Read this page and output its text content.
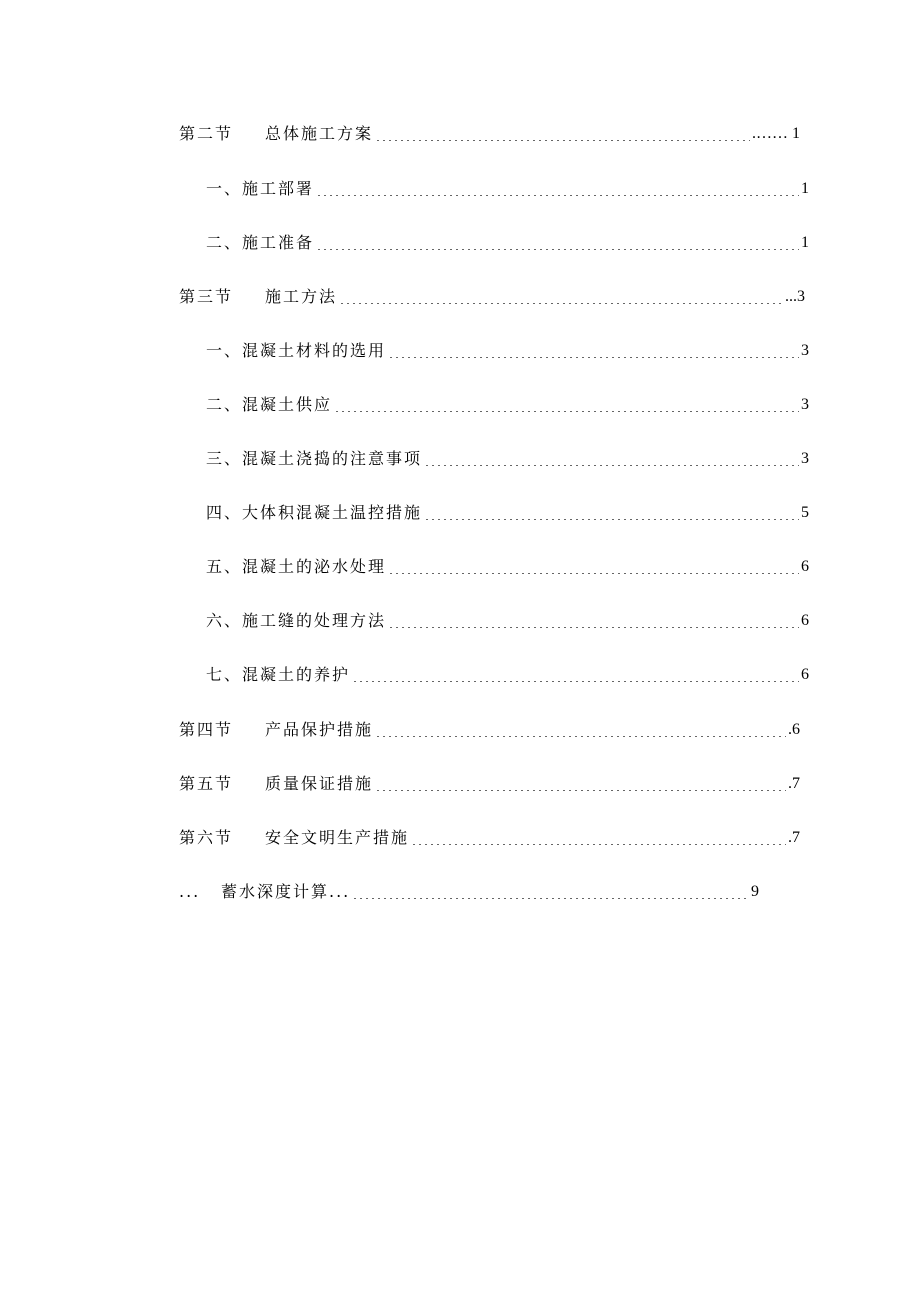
第二节	总体施工方案	.…… 1
一、施工部署	1
二、施工准备	1
第三节	施工方法	...3
一、混凝土材料的选用	3
二、混凝土供应	3
三、混凝土浇捣的注意事项	3
四、大体积混凝土温控措施	5
五、混凝土的泌水处理	6
六、施工缝的处理方法	6
七、混凝土的养护	6
第四节	产品保护措施	.6
第五节	质量保证措施	.7
第六节	安全文明生产措施	.7
...	蓄水深度计算...	9
